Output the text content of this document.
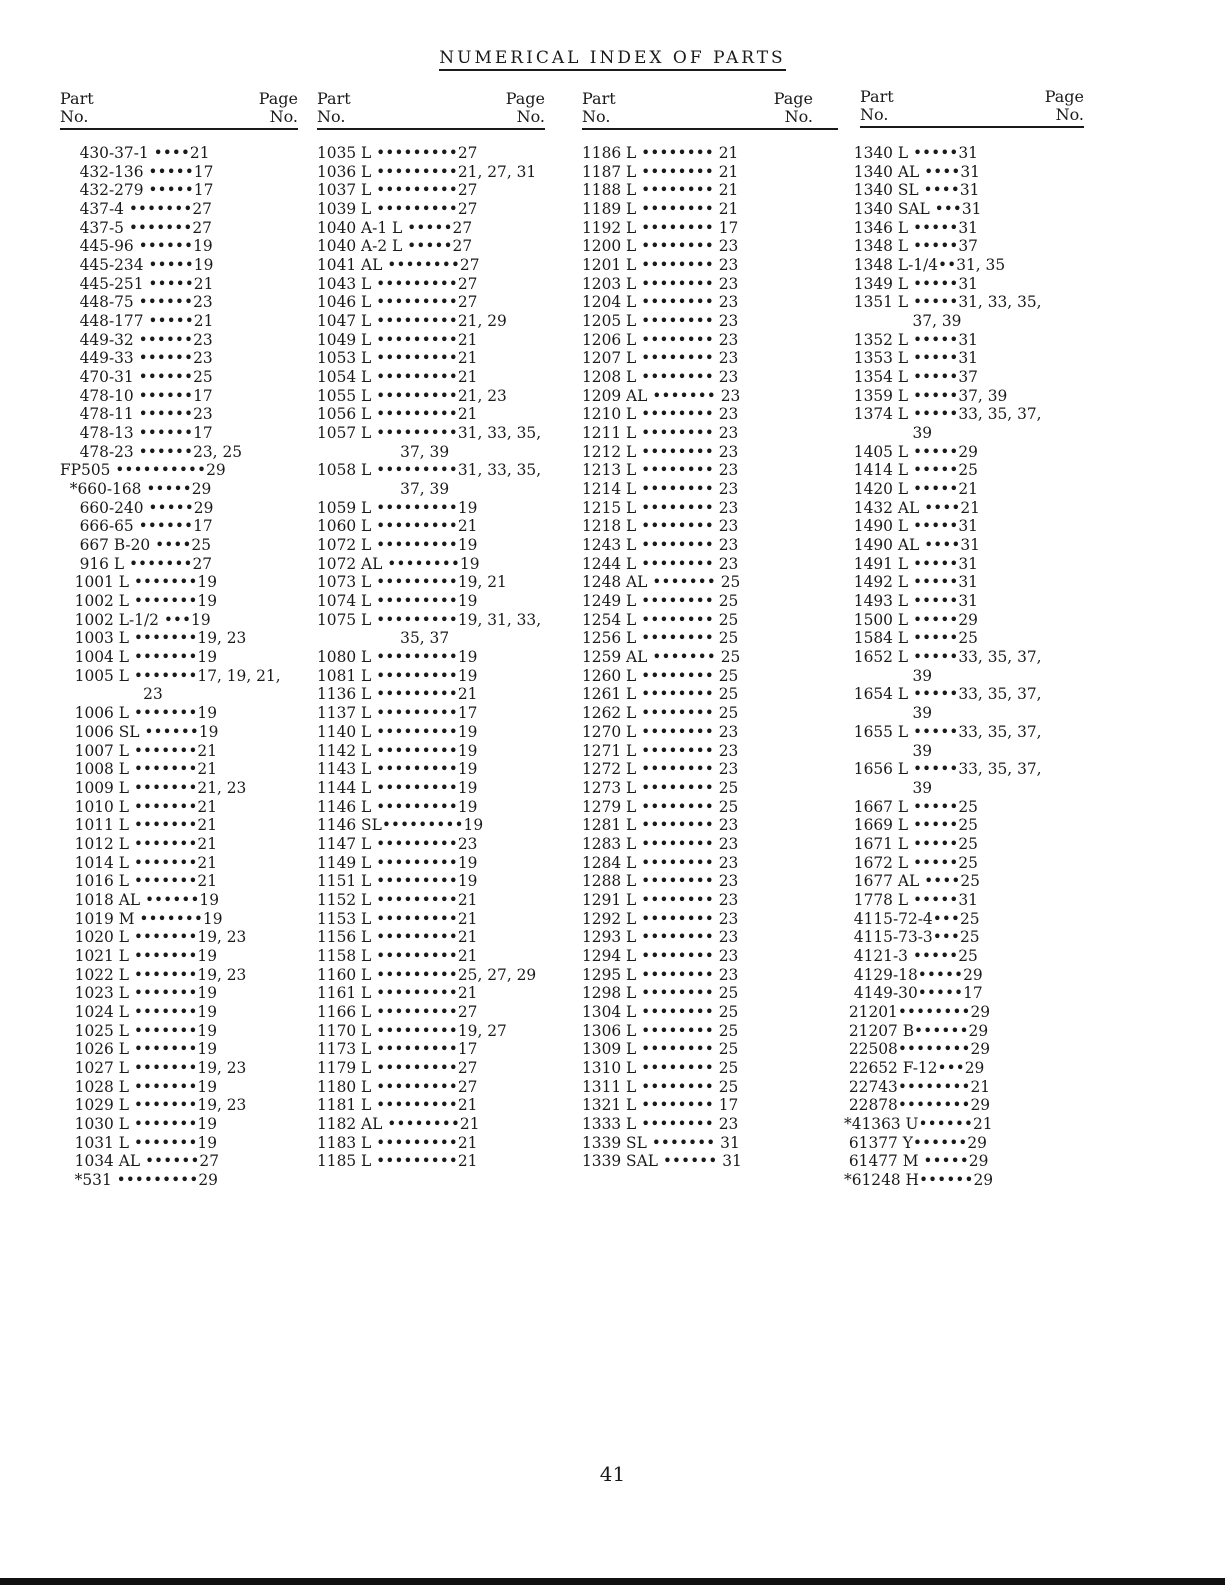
NUMERICAL INDEX OF PARTS
Part
No.
Page
No.
430-37-1 ••••21
432-136 •••••17
432-279 •••••17
437-4 •••••••27
437-5 •••••••27
445-96 ••••••19
445-234 •••••19
445-251 •••••21
448-75 ••••••23
448-177 •••••21
449-32 ••••••23
449-33 ••••••23
470-31 ••••••25
478-10 ••••••17
478-11 ••••••23
478-13 ••••••17
478-23 ••••••23, 25
FP505 ••••••••••29
*660-168 •••••29
660-240 •••••29
666-65 ••••••17
667 B-20 ••••25
916 L •••••••27
1001 L •••••••19
1002 L •••••••19
1002 L-1/2 •••19
1003 L •••••••19, 23
1004 L •••••••19
1005 L •••••••17, 19, 21,
23
1006 L •••••••19
1006 SL ••••••19
1007 L •••••••21
1008 L •••••••21
1009 L •••••••21, 23
1010 L •••••••21
1011 L •••••••21
1012 L •••••••21
1014 L •••••••21
1016 L •••••••21
1018 AL ••••••19
1019 M •••••••19
1020 L •••••••19, 23
1021 L •••••••19
1022 L •••••••19, 23
1023 L •••••••19
1024 L •••••••19
1025 L •••••••19
1026 L •••••••19
1027 L •••••••19, 23
1028 L •••••••19
1029 L •••••••19, 23
1030 L •••••••19
1031 L •••••••19
1034 AL ••••••27
*531 •••••••••29
Part
No.
Page
No.
1035 L •••••••••27
1036 L •••••••••21, 27, 31
1037 L •••••••••27
1039 L •••••••••27
1040 A-1 L •••••27
1040 A-2 L •••••27
1041 AL ••••••••27
1043 L •••••••••27
1046 L •••••••••27
1047 L •••••••••21, 29
1049 L •••••••••21
1053 L •••••••••21
1054 L •••••••••21
1055 L •••••••••21, 23
1056 L •••••••••21
1057 L •••••••••31, 33, 35,
37, 39
1058 L •••••••••31, 33, 35,
37, 39
1059 L •••••••••19
1060 L •••••••••21
1072 L •••••••••19
1072 AL ••••••••19
1073 L •••••••••19, 21
1074 L •••••••••19
1075 L •••••••••19, 31, 33,
35, 37
1080 L •••••••••19
1081 L •••••••••19
1136 L •••••••••21
1137 L •••••••••17
1140 L •••••••••19
1142 L •••••••••19
1143 L •••••••••19
1144 L •••••••••19
1146 L •••••••••19
1146 SL•••••••••19
1147 L •••••••••23
1149 L •••••••••19
1151 L •••••••••19
1152 L •••••••••21
1153 L •••••••••21
1156 L •••••••••21
1158 L •••••••••21
1160 L •••••••••25, 27, 29
1161 L •••••••••21
1166 L •••••••••27
1170 L •••••••••19, 27
1173 L •••••••••17
1179 L •••••••••27
1180 L •••••••••27
1181 L •••••••••21
1182 AL ••••••••21
1183 L •••••••••21
1185 L •••••••••21
Part
No.
Page
No.
1186 L •••••••• 21
1187 L •••••••• 21
1188 L •••••••• 21
1189 L •••••••• 21
1192 L •••••••• 17
1200 L •••••••• 23
1201 L •••••••• 23
1203 L •••••••• 23
1204 L •••••••• 23
1205 L •••••••• 23
1206 L •••••••• 23
1207 L •••••••• 23
1208 L •••••••• 23
1209 AL ••••••• 23
1210 L •••••••• 23
1211 L •••••••• 23
1212 L •••••••• 23
1213 L •••••••• 23
1214 L •••••••• 23
1215 L •••••••• 23
1218 L •••••••• 23
1243 L •••••••• 23
1244 L •••••••• 23
1248 AL ••••••• 25
1249 L •••••••• 25
1254 L •••••••• 25
1256 L •••••••• 25
1259 AL ••••••• 25
1260 L •••••••• 25
1261 L •••••••• 25
1262 L •••••••• 25
1270 L •••••••• 23
1271 L •••••••• 23
1272 L •••••••• 23
1273 L •••••••• 25
1279 L •••••••• 25
1281 L •••••••• 23
1283 L •••••••• 23
1284 L •••••••• 23
1288 L •••••••• 23
1291 L •••••••• 23
1292 L •••••••• 23
1293 L •••••••• 23
1294 L •••••••• 23
1295 L •••••••• 23
1298 L •••••••• 25
1304 L •••••••• 25
1306 L •••••••• 25
1309 L •••••••• 25
1310 L •••••••• 25
1311 L •••••••• 25
1321 L •••••••• 17
1333 L •••••••• 23
1339 SL ••••••• 31
1339 SAL •••••• 31
Part
No.
Page
No.
1340 L •••••31
1340 AL ••••31
1340 SL ••••31
1340 SAL •••31
1346 L •••••31
1348 L •••••37
1348 L-1/4••31, 35
1349 L •••••31
1351 L •••••31, 33, 35,
37, 39
1352 L •••••31
1353 L •••••31
1354 L •••••37
1359 L •••••37, 39
1374 L •••••33, 35, 37,
39
1405 L •••••29
1414 L •••••25
1420 L •••••21
1432 AL ••••21
1490 L •••••31
1490 AL ••••31
1491 L •••••31
1492 L •••••31
1493 L •••••31
1500 L •••••29
1584 L •••••25
1652 L •••••33, 35, 37,
39
1654 L •••••33, 35, 37,
39
1655 L •••••33, 35, 37,
39
1656 L •••••33, 35, 37,
39
1667 L •••••25
1669 L •••••25
1671 L •••••25
1672 L •••••25
1677 AL ••••25
1778 L •••••31
4115-72-4•••25
4115-73-3•••25
4121-3 •••••25
4129-18•••••29
4149-30•••••17
21201••••••••29
21207 B••••••29
22508••••••••29
22652 F-12•••29
22743••••••••21
22878••••••••29
*41363 U••••••21
61377 Y••••••29
61477 M •••••29
*61248 H••••••29
41
